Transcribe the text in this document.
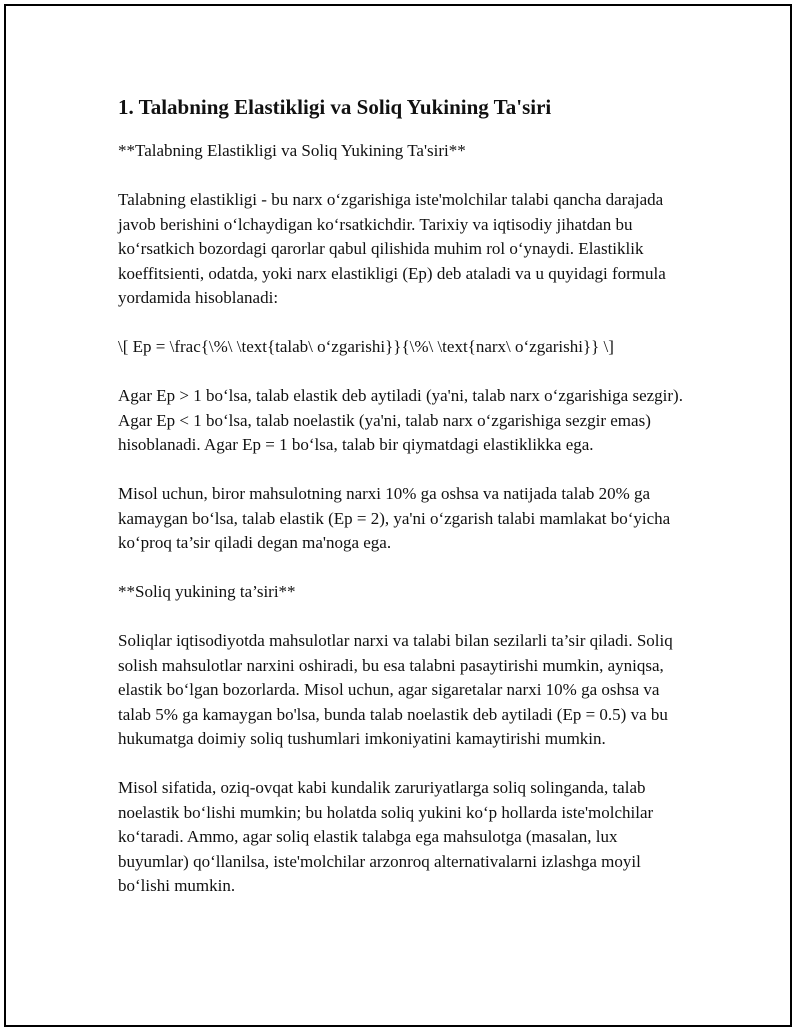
1. Talabning Elastikligi va Soliq Yukining Ta'siri

**Talabning Elastikligi va Soliq Yukining Ta'siri**

Talabning elastikligi - bu narx o‘zgarishiga iste'molchilar talabi qancha darajada javob berishini o‘lchaydigan ko‘rsatkichdir. Tarixiy va iqtisodiy jihatdan bu ko‘rsatkich bozordagi qarorlar qabul qilishida muhim rol o‘ynaydi. Elastiklik koeffitsienti, odatda, yoki narx elastikligi (Ep) deb ataladi va u quyidagi formula yordamida hisoblanadi:

\[ Ep = \frac{\%\ \text{talab\ o‘zgarishi}}{\%\ \text{narx\ o‘zgarishi}} \]

Agar Ep > 1 bo‘lsa, talab elastik deb aytiladi (ya'ni, talab narx o‘zgarishiga sezgir). Agar Ep < 1 bo‘lsa, talab noelastik (ya'ni, talab narx o‘zgarishiga sezgir emas) hisoblanadi. Agar Ep = 1 bo‘lsa, talab bir qiymatdagi elastiklikka ega.

Misol uchun, biror mahsulotning narxi 10% ga oshsa va natijada talab 20% ga kamaygan bo‘lsa, talab elastik (Ep = 2), ya'ni o‘zgarish talabi mamlakat bo‘yicha ko‘proq ta’sir qiladi degan ma'noga ega.

**Soliq yukining ta’siri**

Soliqlar iqtisodiyotda mahsulotlar narxi va talabi bilan sezilarli ta’sir qiladi. Soliq solish mahsulotlar narxini oshiradi, bu esa talabni pasaytirishi mumkin, ayniqsa, elastik bo‘lgan bozorlarda. Misol uchun, agar sigaretalar narxi 10% ga oshsa va talab 5% ga kamaygan bo'lsa, bunda talab noelastik deb aytiladi (Ep = 0.5) va bu hukumatga doimiy soliq tushumlari imkoniyatini kamaytirishi mumkin.

Misol sifatida, oziq-ovqat kabi kundalik zaruriyatlarga soliq solinganda, talab noelastik bo‘lishi mumkin; bu holatda soliq yukini ko‘p hollarda iste'molchilar ko‘taradi. Ammo, agar soliq elastik talabga ega mahsulotga (masalan, lux buyumlar) qo‘llanilsa, iste'molchilar arzonroq alternativalarni izlashga moyil bo‘lishi mumkin.
